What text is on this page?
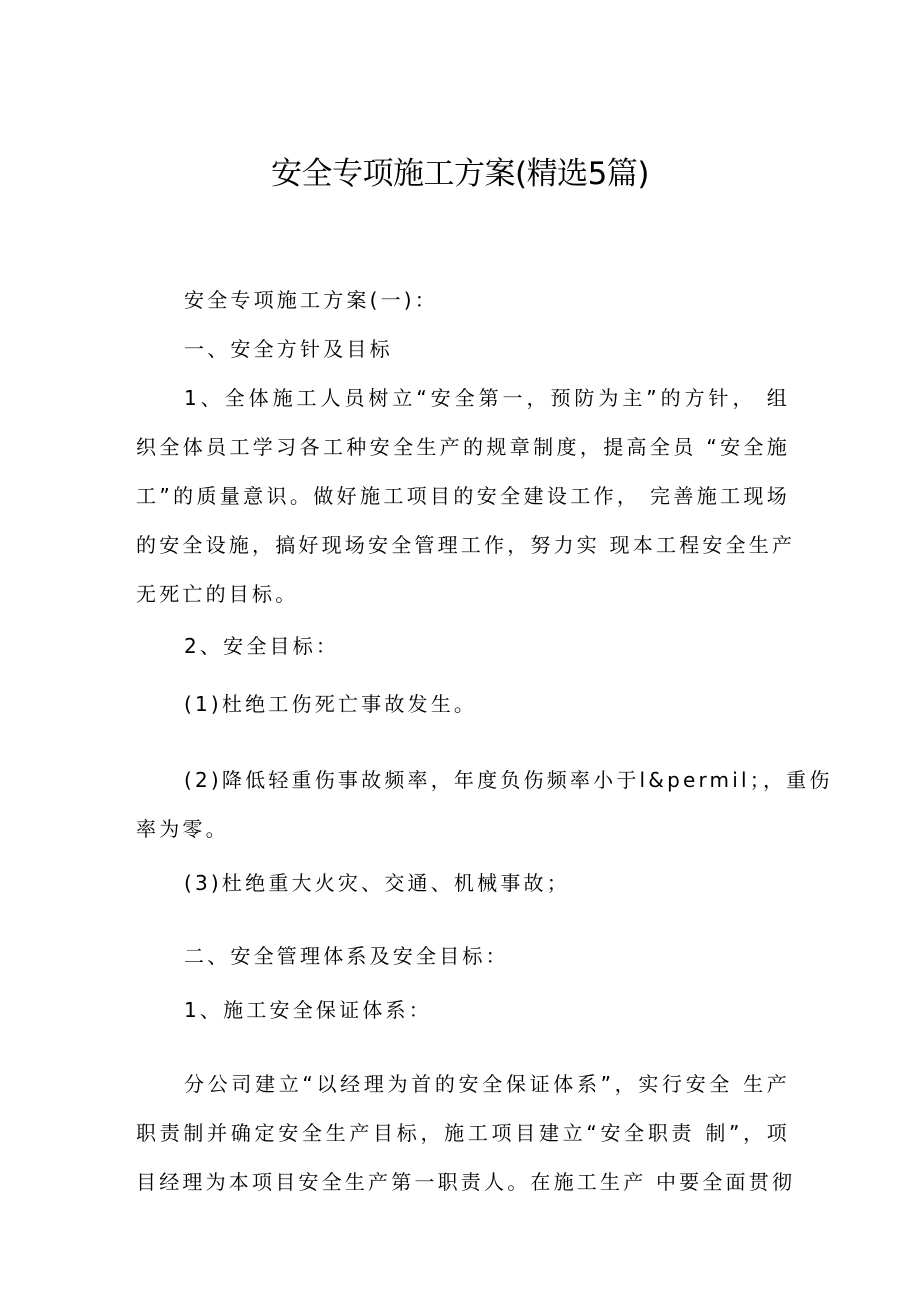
安全专项施工方案(精选5篇)
安全专项施工方案(一)：
一、安全方针及目标
1、全体施工人员树立“安全第一，预防为主”的方针， 组
织全体员工学习各工种安全生产的规章制度，提高全员 “安全施
工”的质量意识。做好施工项目的安全建设工作， 完善施工现场
的安全设施，搞好现场安全管理工作，努力实 现本工程安全生产
无死亡的目标。
2、安全目标：
(1)杜绝工伤死亡事故发生。
(2)降低轻重伤事故频率，年度负伤频率小于l&permil；，重伤
率为零。
(3)杜绝重大火灾、交通、机械事故；
二、安全管理体系及安全目标：
1、施工安全保证体系：
分公司建立“以经理为首的安全保证体系”，实行安全 生产
职责制并确定安全生产目标，施工项目建立“安全职责 制”，项
目经理为本项目安全生产第一职责人。在施工生产 中要全面贯彻
